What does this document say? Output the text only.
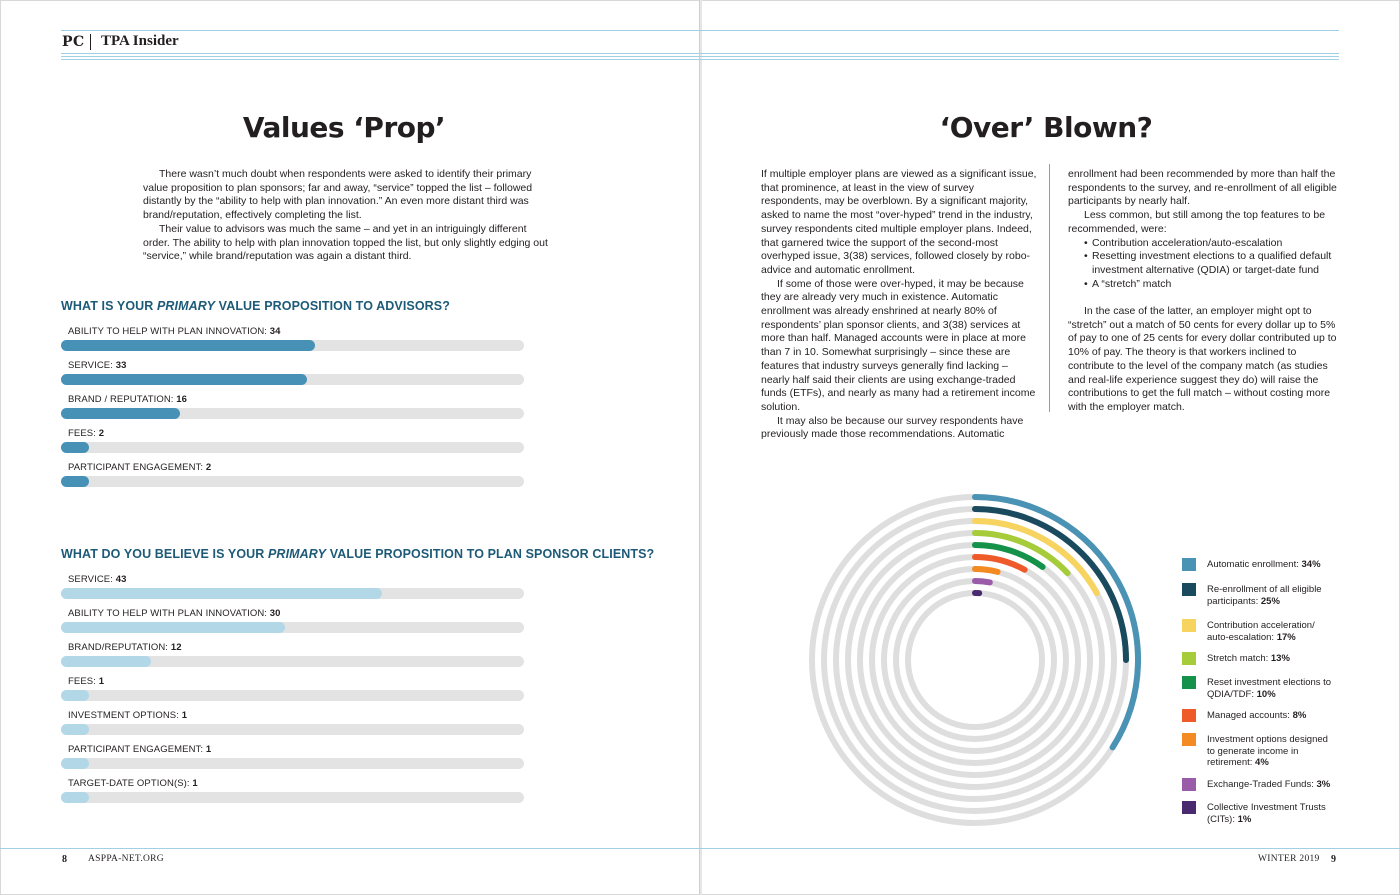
PC TPA Insider
Values ‘Prop’

There wasn’t much doubt when respondents were asked to identify their primary value proposition to plan sponsors; far and away, “service” topped the list – followed distantly by the “ability to help with plan innovation.” An even more distant third was brand/reputation, effectively completing the list.

Their value to advisors was much the same – and yet in an intriguingly different order. The ability to help with plan innovation topped the list, but only slightly edging out “service,” while brand/reputation was again a distant third.

WHAT IS YOUR PRIMARY VALUE PROPOSITION TO ADVISORS?
ABILITY TO HELP WITH PLAN INNOVATION: 34
SERVICE: 33
BRAND / REPUTATION: 16
FEES: 2
PARTICIPANT ENGAGEMENT: 2
WHAT DO YOU BELIEVE IS YOUR PRIMARY VALUE PROPOSITION TO PLAN SPONSOR CLIENTS?
SERVICE: 43
ABILITY TO HELP WITH PLAN INNOVATION: 30
BRAND/REPUTATION: 12
FEES: 1
INVESTMENT OPTIONS: 1
PARTICIPANT ENGAGEMENT: 1
TARGET-DATE OPTION(S): 1
8 ASPPA-NET.ORG
‘Over’ Blown?

If multiple employer plans are viewed as a significant issue, that prominence, at least in the view of survey respondents, may be overblown. By a significant majority, asked to name the most “over-hyped” trend in the industry, survey respondents cited multiple employer plans. Indeed, that garnered twice the support of the second-most overhyped issue, 3(38) services, followed closely by robo-advice and automatic enrollment.

If some of those were over-hyped, it may be because they are already very much in existence. Automatic enrollment was already enshrined at nearly 80% of respondents’ plan sponsor clients, and 3(38) services at more than half. Managed accounts were in place at more than 7 in 10. Somewhat surprisingly – since these are features that industry surveys generally find lacking – nearly half said their clients are using exchange-traded funds (ETFs), and nearly as many had a retirement income solution.

It may also be because our survey respondents have previously made those recommendations. Automatic

enrollment had been recommended by more than half the respondents to the survey, and re-enrollment of all eligible participants by nearly half.

Less common, but still among the top features to be recommended, were:

• Contribution acceleration/auto-escalation
• Resetting investment elections to a qualified default investment alternative (QDIA) or target-date fund
• A “stretch” match

In the case of the latter, an employer might opt to “stretch” out a match of 50 cents for every dollar up to 5% of pay to one of 25 cents for every dollar contributed up to 10% of pay. The theory is that workers inclined to contribute to the level of the company match (as studies and real-life experience suggest they do) will raise the contributions to get the full match – without costing more with the employer match.

Automatic enrollment: 34%
Re-enrollment of all eligible participants: 25%
Contribution acceleration/ auto-escalation: 17%
Stretch match: 13%
Reset investment elections to QDIA/TDF: 10%
Managed accounts: 8%
Investment options designed to generate income in retirement: 4%
Exchange-Traded Funds: 3%
Collective Investment Trusts (CITs): 1%
WINTER 2019 9
